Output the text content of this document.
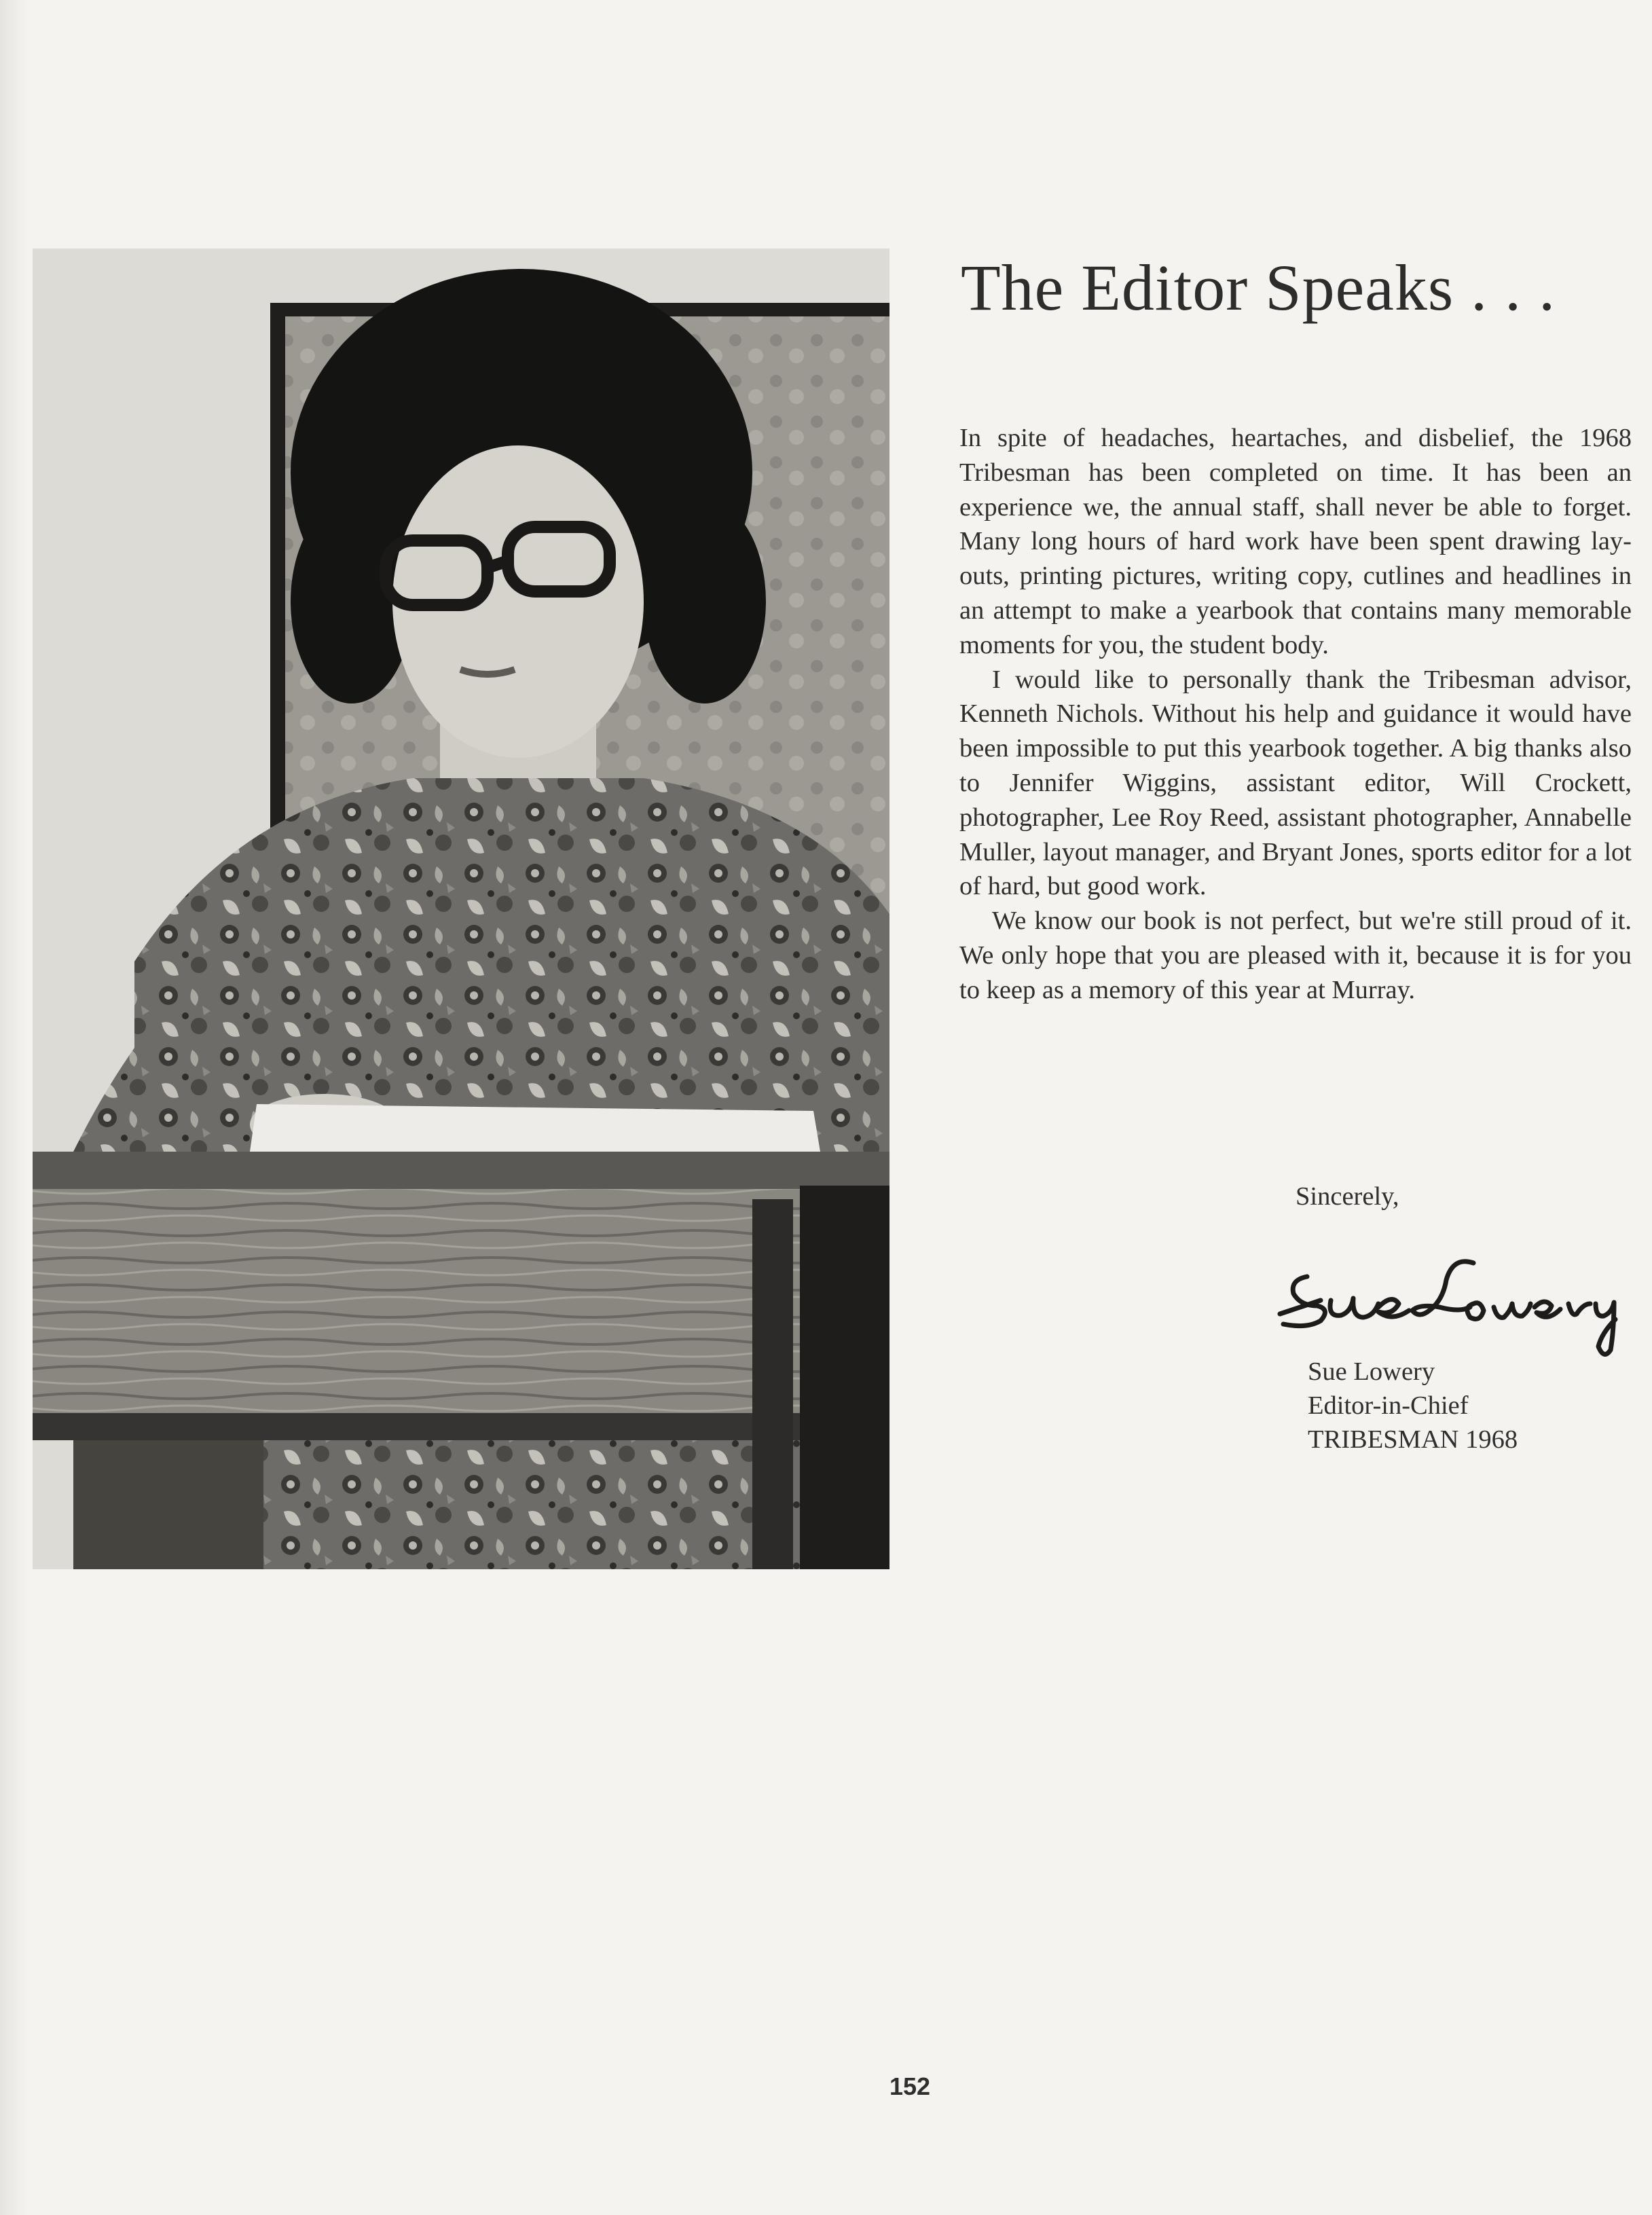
The Editor Speaks . . .

In spite of headaches, heartaches, and disbelief, the 1968 Tribesman has been completed on time. It has been an experience we, the annual staff, shall never be able to forget. Many long hours of hard work have been spent drawing lay-outs, printing pictures, writing copy, cutlines and headlines in an attempt to make a yearbook that contains many memorable moments for you, the student body.

I would like to personally thank the Tribesman advisor, Kenneth Nichols. Without his help and guidance it would have been impossible to put this yearbook together. A big thanks also to Jennifer Wiggins, assistant editor, Will Crockett, photographer, Lee Roy Reed, assistant photographer, Annabelle Muller, layout manager, and Bryant Jones, sports editor for a lot of hard, but good work.

We know our book is not perfect, but we're still proud of it. We only hope that you are pleased with it, because it is for you to keep as a memory of this year at Murray.

Sincerely,
Sue Lowery
Editor-in-Chief
TRIBESMAN 1968
152
